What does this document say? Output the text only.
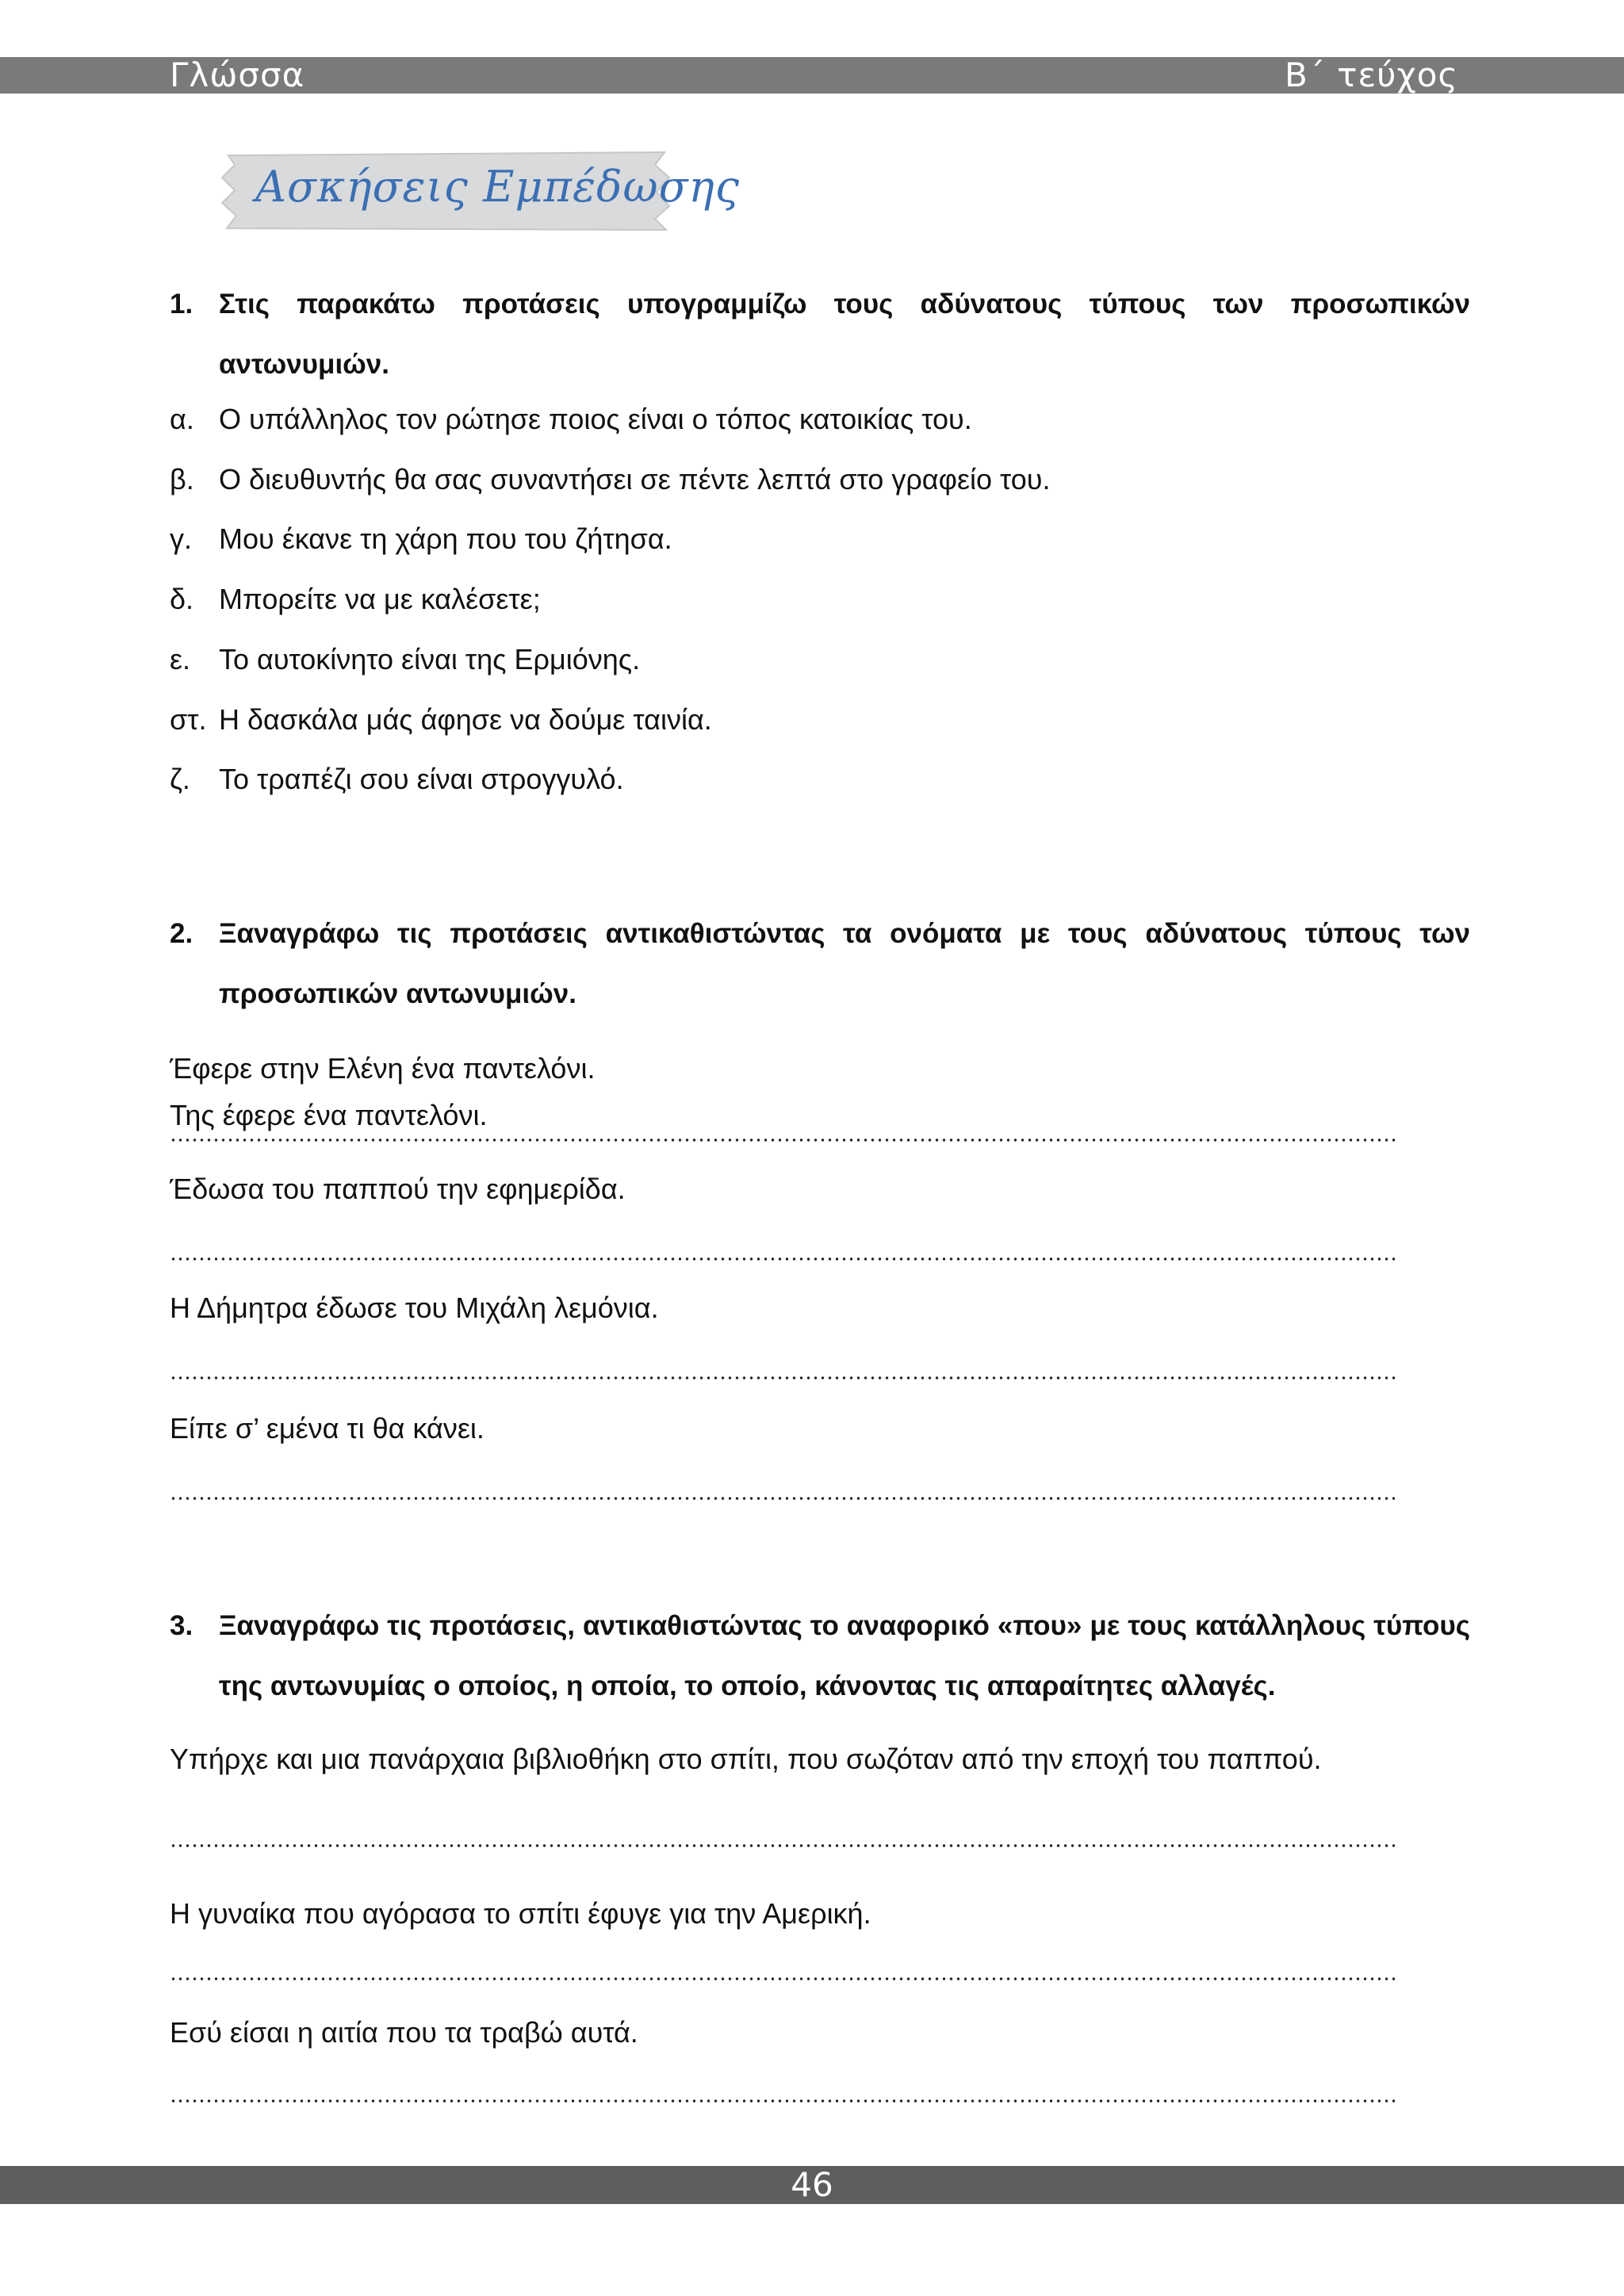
Γλώσσα	Β΄ τεύχος
Ασκήσεις Εμπέδωσης
1. Στις παρακάτω προτάσεις υπογραμμίζω τους αδύνατους τύπους των προσωπικών αντωνυμιών.
α. Ο υπάλληλος τον ρώτησε ποιος είναι ο τόπος κατοικίας του.
β. Ο διευθυντής θα σας συναντήσει σε πέντε λεπτά στο γραφείο του.
γ. Μου έκανε τη χάρη που του ζήτησα.
δ. Μπορείτε να με καλέσετε;
ε. Το αυτοκίνητο είναι της Ερμιόνης.
στ. Η δασκάλα μάς άφησε να δούμε ταινία.
ζ. Το τραπέζι σου είναι στρογγυλό.
2. Ξαναγράφω τις προτάσεις αντικαθιστώντας τα ονόματα με τους αδύνατους τύπους των προσωπικών αντωνυμιών.
Έφερε στην Ελένη ένα παντελόνι.
Της έφερε ένα παντελόνι.
Έδωσα του παππού την εφημερίδα.
Η Δήμητρα έδωσε του Μιχάλη λεμόνια.
Είπε σ’ εμένα τι θα κάνει.
3. Ξαναγράφω τις προτάσεις, αντικαθιστώντας το αναφορικό «που» με τους κατάλληλους τύπους της αντωνυμίας ο οποίος, η οποία, το οποίο, κάνοντας τις απαραίτητες αλλαγές.
Υπήρχε και μια πανάρχαια βιβλιοθήκη στο σπίτι, που σωζόταν από την εποχή του παππού.
Η γυναίκα που αγόρασα το σπίτι έφυγε για την Αμερική.
Εσύ είσαι η αιτία που τα τραβώ αυτά.
46
